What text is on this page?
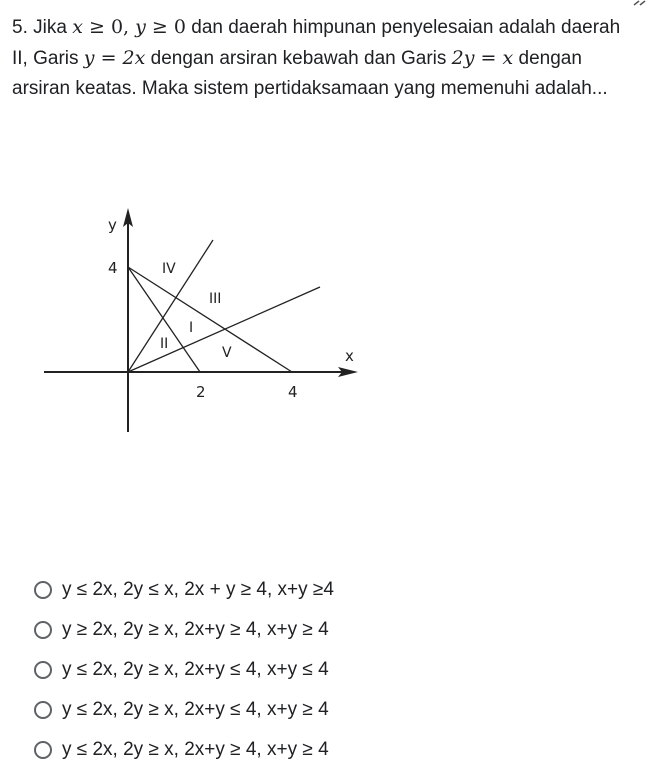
5. Jika x ≥ 0, y ≥ 0 dan daerah himpunan penyelesaian adalah daerah II, Garis y = 2x dengan arsiran kebawah dan Garis 2y = x dengan arsiran keatas. Maka sistem pertidaksamaan yang memenuhi adalah...
y
x
4
2	4
IV
III
I
II
V
y ≤ 2x, 2y ≤ x, 2x + y ≥ 4, x+y ≥4
y ≥ 2x, 2y ≥ x, 2x+y ≥ 4, x+y ≥ 4
y ≤ 2x, 2y ≥ x, 2x+y ≤ 4, x+y ≤ 4
y ≤ 2x, 2y ≥ x, 2x+y ≤ 4, x+y ≥ 4
y ≤ 2x, 2y ≥ x, 2x+y ≥ 4, x+y ≥ 4
